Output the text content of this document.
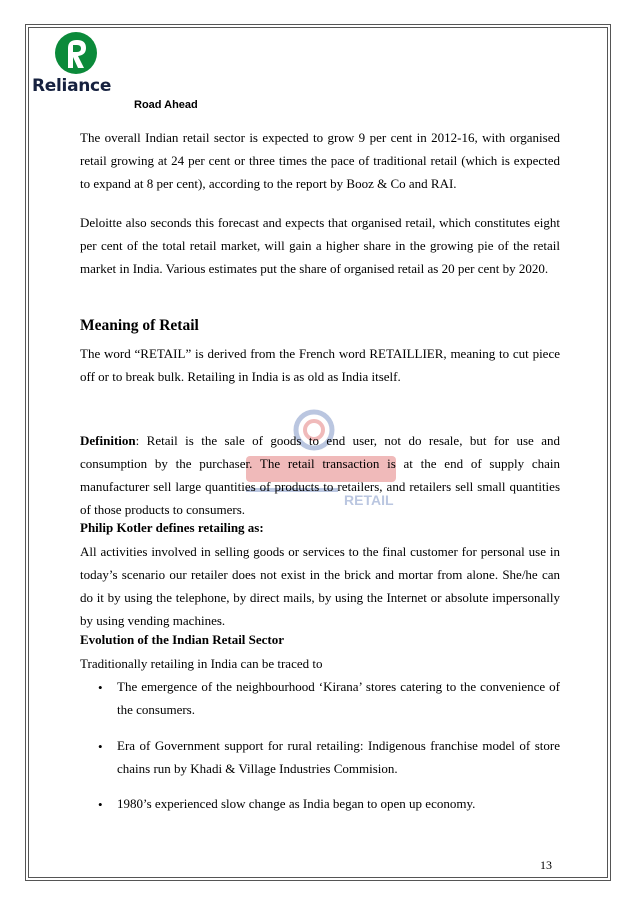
Reliance
Road Ahead
RETAIL

The overall Indian retail sector is expected to grow 9 per cent in 2012-16, with organised retail growing at 24 per cent or three times the pace of traditional retail (which is expected to expand at 8 per cent), according to the report by Booz & Co and RAI.

Deloitte also seconds this forecast and expects that organised retail, which constitutes eight per cent of the total retail market, will gain a higher share in the growing pie of the retail market in India. Various estimates put the share of organised retail as 20 per cent by 2020.

Meaning of Retail

The word “RETAIL” is derived from the French word RETAILLIER, meaning to cut piece off or to break bulk. Retailing in India is as old as India itself.

Definition: Retail is the sale of goods to end user, not do resale, but for use and consumption by the purchaser. The retail transaction is at the end of supply chain manufacturer sell large quantities of products to retailers, and retailers sell small quantities of those products to consumers.

Philip Kotler defines retailing as:

All activities involved in selling goods or services to the final customer for personal use in today’s scenario our retailer does not exist in the brick and mortar from alone. She/he can do it by using the telephone, by direct mails, by using the Internet or absolute impersonally by using vending machines.

Evolution of the Indian Retail Sector
Traditionally retailing in India can be traced to
• The emergence of the neighbourhood ‘Kirana’ stores catering to the convenience of the consumers.

• Era of Government support for rural retailing: Indigenous franchise model of store chains run by Khadi & Village Industries Commision.

• 1980’s experienced slow change as India began to open up economy.

13
